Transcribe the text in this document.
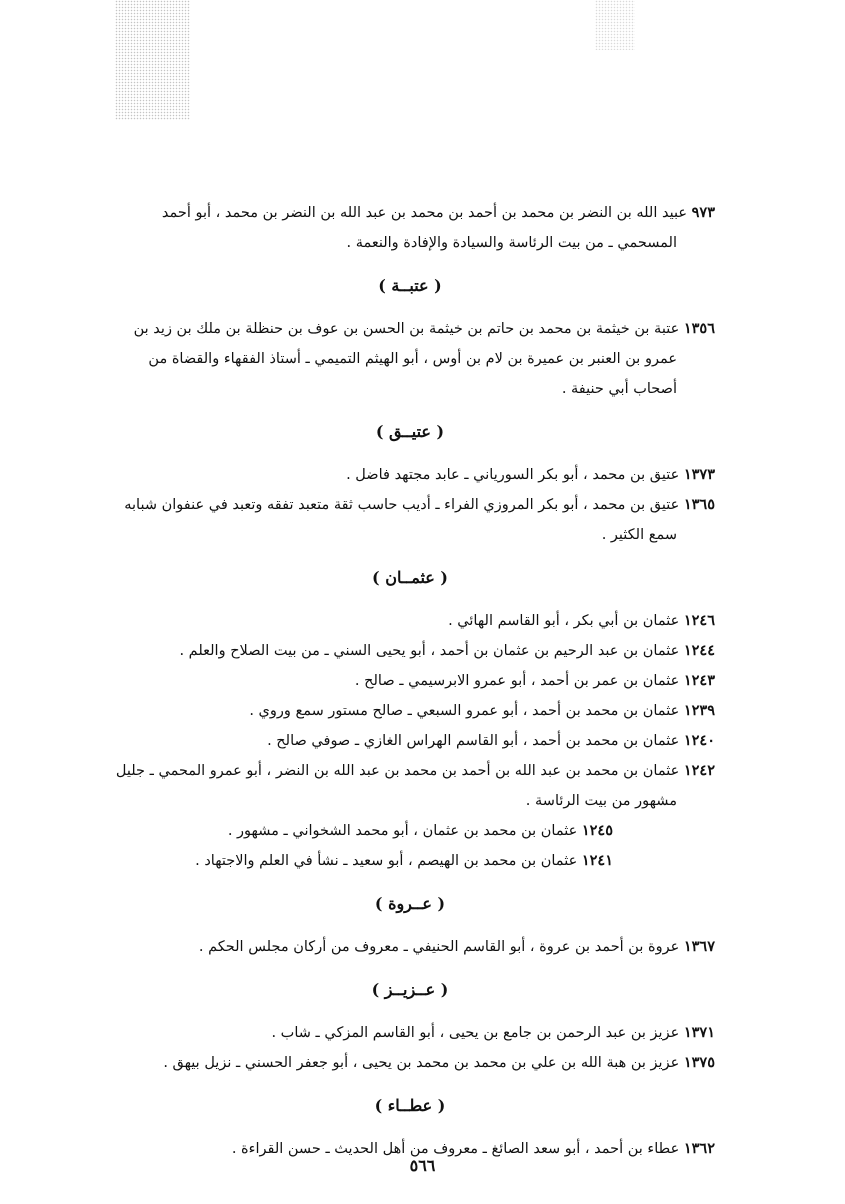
٩٧٣ عبيد الله بن النضر بن محمد بن أحمد بن محمد بن عبد الله بن النضر بن محمد ، أبو أحمد المسحمي ـ من بيت الرئاسة والسيادة والإفادة والنعمة .

( عتبــة )

١٣٥٦ عتبة بن خيثمة بن محمد بن حاتم بن خيثمة بن الحسن بن عوف بن حنظلة بن ملك بن زيد بن عمرو بن العنبر بن عميرة بن لام بن أوس ، أبو الهيثم التميمي ـ أستاذ الفقهاء والقضاة من أصحاب أبي حنيفة .

( عتيــق )

١٣٧٣ عتيق بن محمد ، أبو بكر السورياني ـ عابد مجتهد فاضل .

١٣٦٥ عتيق بن محمد ، أبو بكر المروزي الفراء ـ أديب حاسب ثقة متعبد تفقه وتعبد في عنفوان شبابه سمع الكثير .

( عثمــان )

١٢٤٦ عثمان بن أبي بكر ، أبو القاسم الهائي .

١٢٤٤ عثمان بن عبد الرحيم بن عثمان بن أحمد ، أبو يحيى السني ـ من بيت الصلاح والعلم .

١٢٤٣ عثمان بن عمر بن أحمد ، أبو عمرو الابرسيمي ـ صالح .

١٢٣٩ عثمان بن محمد بن أحمد ، أبو عمرو السبعي ـ صالح مستور سمع وروي .

١٢٤٠ عثمان بن محمد بن أحمد ، أبو القاسم الهراس الغازي ـ صوفي صالح .

١٢٤٢ عثمان بن محمد بن عبد الله بن أحمد بن محمد بن عبد الله بن النضر ، أبو عمرو المحمي ـ جليل مشهور من بيت الرئاسة .

١٢٤٥ عثمان بن محمد بن عثمان ، أبو محمد الشخواني ـ مشهور .

١٢٤١ عثمان بن محمد بن الهيصم ، أبو سعيد ـ نشأ في العلم والاجتهاد .

( عــروة )

١٣٦٧ عروة بن أحمد بن عروة ، أبو القاسم الحنيفي ـ معروف من أركان مجلس الحكم .

( عــزيــز )

١٣٧١ عزيز بن عبد الرحمن بن جامع بن يحيى ، أبو القاسم المزكي ـ شاب .

١٣٧٥ عزيز بن هبة الله بن علي بن محمد بن محمد بن يحيى ، أبو جعفر الحسني ـ نزيل بيهق .

( عطــاء )

١٣٦٢ عطاء بن أحمد ، أبو سعد الصائغ ـ معروف من أهل الحديث ـ حسن القراءة .

٥٦٦
